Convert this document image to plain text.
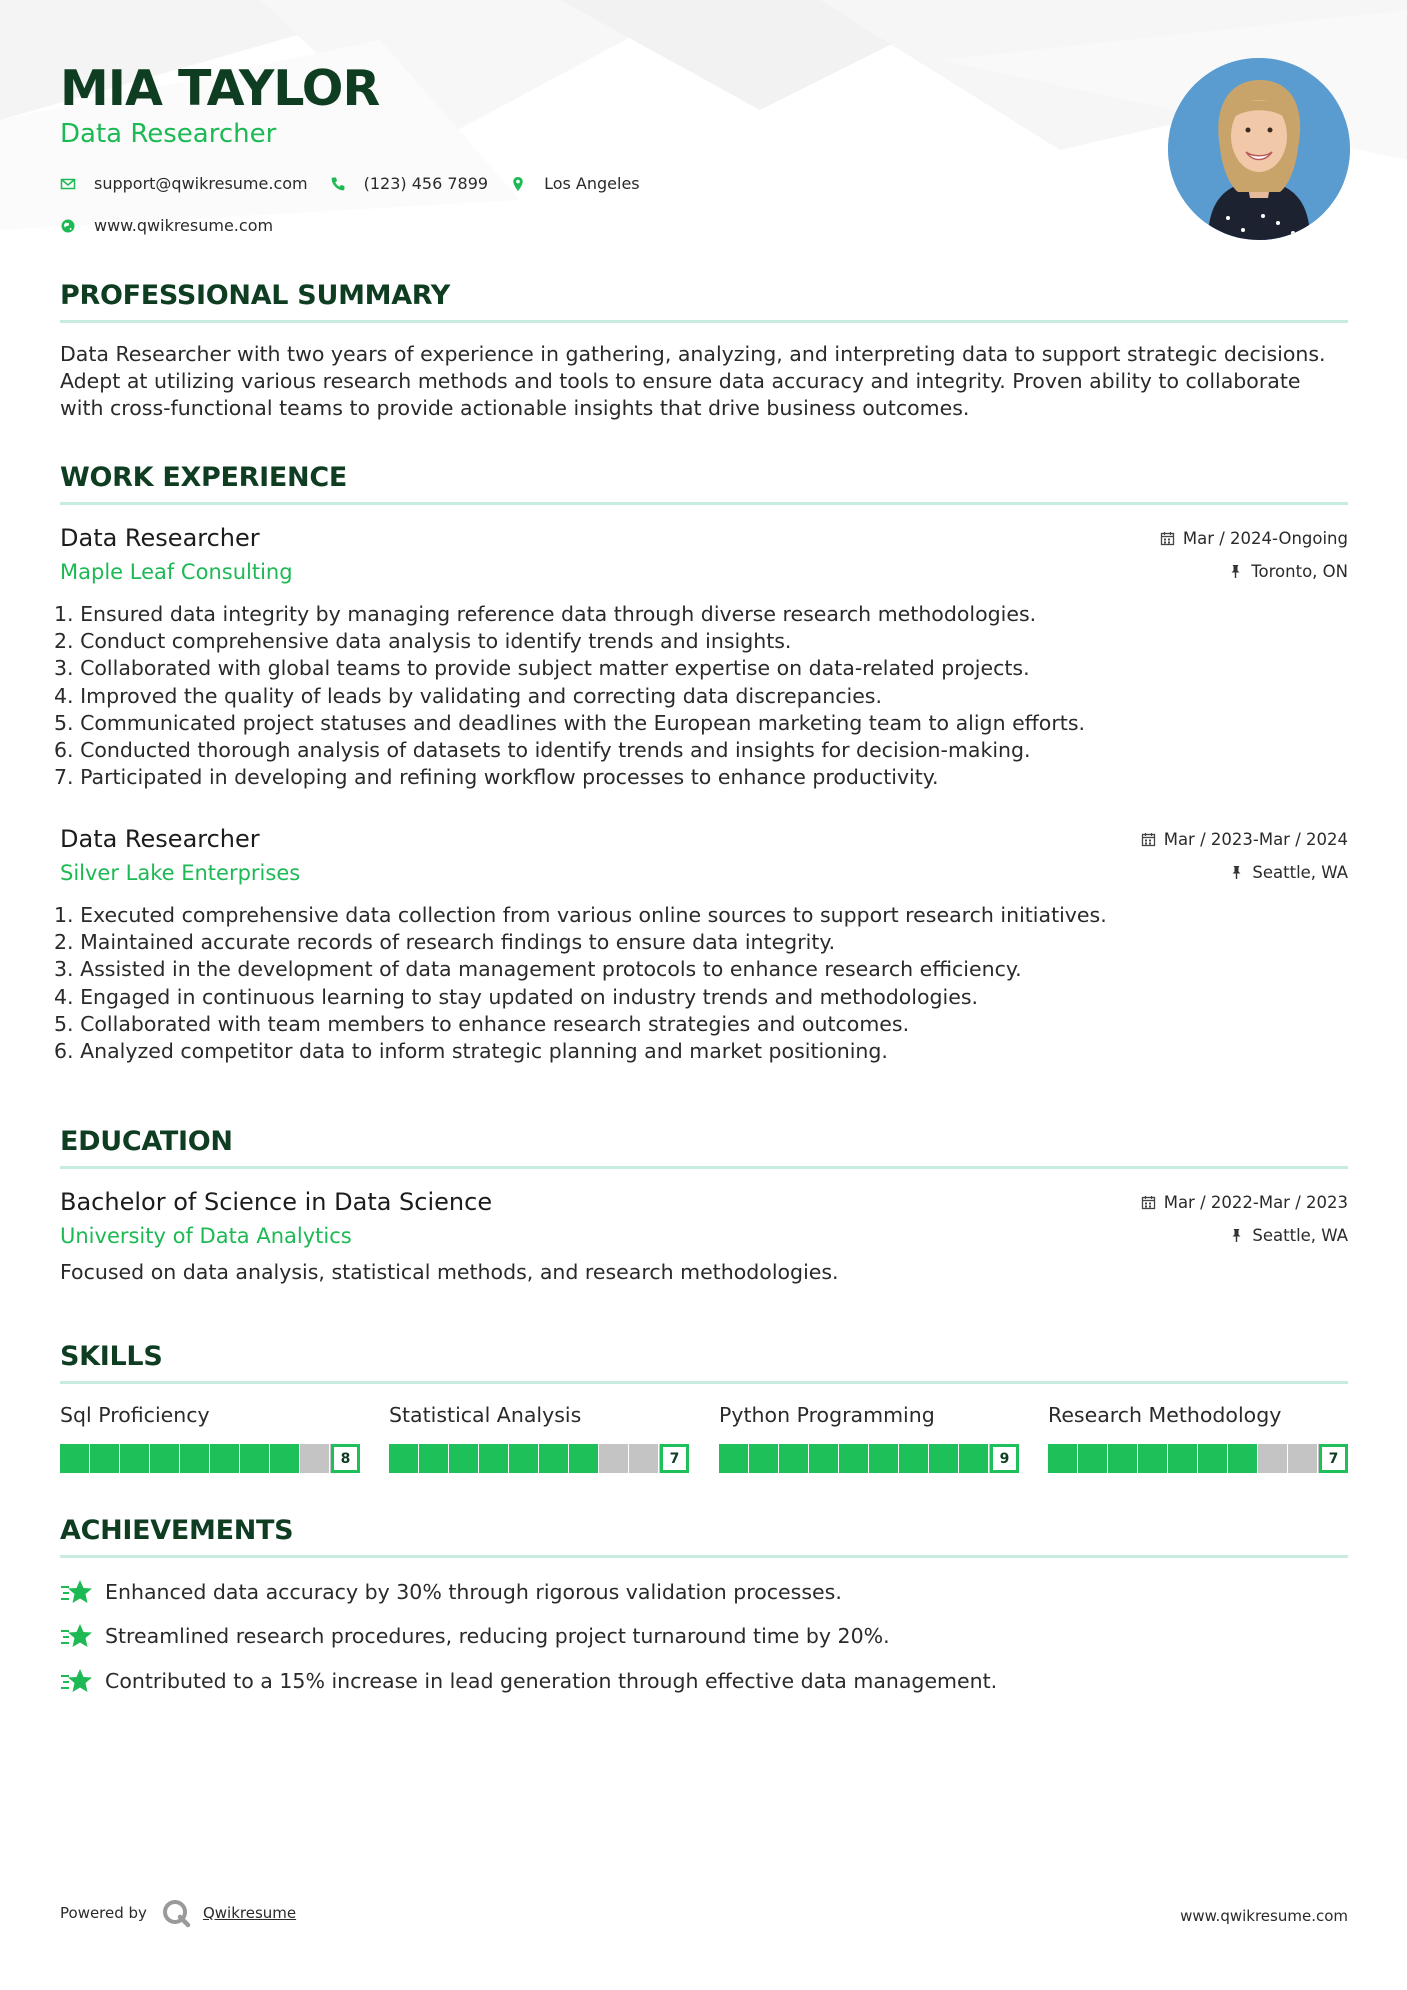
MIA TAYLOR
Data Researcher
support@qwikresume.com	(123) 456 7899	Los Angeles
www.qwikresume.com
PROFESSIONAL SUMMARY
Data Researcher with two years of experience in gathering, analyzing, and interpreting data to support strategic decisions.
Adept at utilizing various research methods and tools to ensure data accuracy and integrity. Proven ability to collaborate
with cross-functional teams to provide actionable insights that drive business outcomes.
WORK EXPERIENCE
Data Researcher
Maple Leaf Consulting
Mar / 2024-Ongoing
Toronto, ON
1. Ensured data integrity by managing reference data through diverse research methodologies.
2. Conduct comprehensive data analysis to identify trends and insights.
3. Collaborated with global teams to provide subject matter expertise on data-related projects.
4. Improved the quality of leads by validating and correcting data discrepancies.
5. Communicated project statuses and deadlines with the European marketing team to align efforts.
6. Conducted thorough analysis of datasets to identify trends and insights for decision-making.
7. Participated in developing and refining workflow processes to enhance productivity.
Data Researcher
Silver Lake Enterprises
Mar / 2023-Mar / 2024
Seattle, WA
1. Executed comprehensive data collection from various online sources to support research initiatives.
2. Maintained accurate records of research findings to ensure data integrity.
3. Assisted in the development of data management protocols to enhance research efficiency.
4. Engaged in continuous learning to stay updated on industry trends and methodologies.
5. Collaborated with team members to enhance research strategies and outcomes.
6. Analyzed competitor data to inform strategic planning and market positioning.
EDUCATION
Bachelor of Science in Data Science
University of Data Analytics
Mar / 2022-Mar / 2023
Seattle, WA
Focused on data analysis, statistical methods, and research methodologies.
SKILLS
Sql Proficiency
8
Statistical Analysis
7
Python Programming
9
Research Methodology
7
ACHIEVEMENTS
Enhanced data accuracy by 30% through rigorous validation processes.
Streamlined research procedures, reducing project turnaround time by 20%.
Contributed to a 15% increase in lead generation through effective data management.
Powered by	Qwikresume	www.qwikresume.com
